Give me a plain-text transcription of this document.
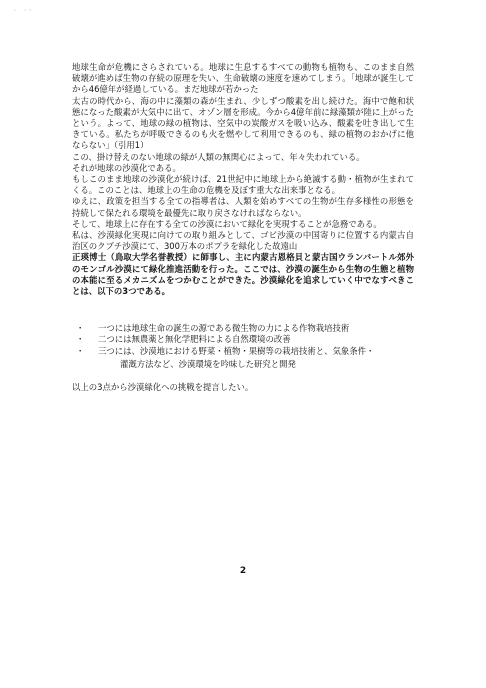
' ''

地球生命が危機にさらされている。地球に生息するすべての動物も植物も、このまま自然破壊が進めば生物の存続の原理を失い、生命破壊の速度を速めてしまう。「地球が誕生してから46億年が経過している。まだ地球が若かった

太古の時代から、海の中に藻類の森が生まれ、少しずつ酸素を出し続けた。海中で飽和状態になった酸素が大気中に出て、オゾン層を形成。今から4億年前に緑藻類が陸に上がったという。よって、地球の緑の植物は、空気中の炭酸ガスを吸い込み、酸素を吐き出して生きている。私たちが呼吸できるのも火を燃やして利用できるのも、緑の植物のおかげに他ならない」（引用1）

この、掛け替えのない地球の緑が人類の無関心によって、年々失われている。

それが地球の沙漠化である。

もしこのまま地球の沙漠化が続けば、21世紀中に地球上から絶滅する動・植物が生まれてくる。このことは、地球上の生命の危機を及ぼす重大な出来事となる。

ゆえに、政策を担当する全ての指導者は、人類を始めすべての生物が生存多様性の形態を持続して保たれる環境を最優先に取り戻さなければならない。

そして、地球上に存在する全ての沙漠において緑化を実現することが急務である。

私は、沙漠緑化実現に向けての取り組みとして、ゴビ沙漠の中国寄りに位置する内蒙古自治区のクブチ沙漠にて、300万本のポプラを緑化した故遠山

正瑛博士（鳥取大学名誉教授）に師事し、主に内蒙古恩格貝と蒙古国ウランバートル郊外のモンゴル沙漠にて緑化推進活動を行った。ここでは、沙漠の誕生から生物の生態と植物の本能に至るメカニズムをつかむことができた。沙漠緑化を追求していく中でなすべきことは、以下の3つである。

・ 一つには地球生命の誕生の源である微生物の力による作物栽培技術
・ 二つには無農薬と無化学肥料による自然環境の改善
・ 三つには、沙漠地における野菜・植物・果樹等の栽培技術と、気象条件・
灌漑方法など、沙漠環境を吟味した研究と開発

以上の3点から沙漠緑化への挑戦を提言したい。

2
